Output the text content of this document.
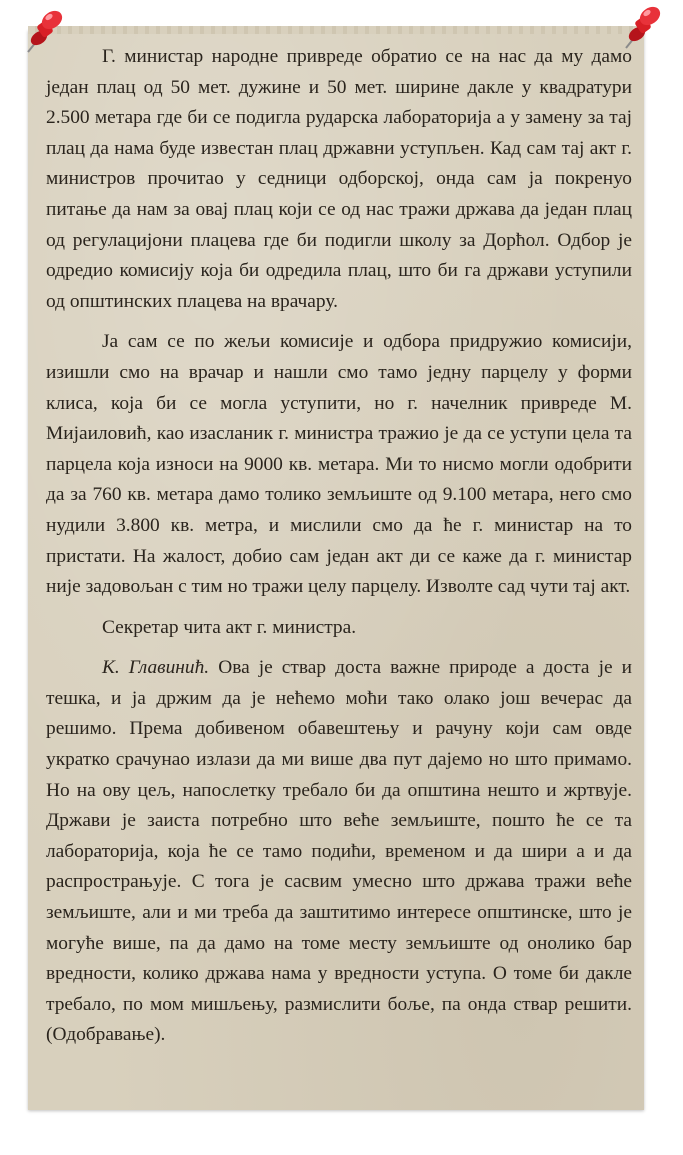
Г. министар народне привреде обратио се на нас да му дамо један плац од 50 мет. дужине и 50 мет. ширине дакле у квадратури 2.500 метара где би се подигла рударска лабораторија а у замену за тај плац да нама буде известан плац државни уступљен. Кад сам тај акт г. министров прочитао у седници одборској, онда сам ја покренуо питање да нам за овај плац који се од нас тражи држава да један плац од регулацијони плацева где би подигли школу за Дорћол. Одбор је одредио комисију која би одредила плац, што би га држави уступили од општинских плацева на врачару.

Ја сам се по жељи комисије и одбора придружио комисији, изишли смо на врачар и нашли смо тамо једну парцелу у форми клиса, која би се могла уступити, но г. начелник привреде М. Мијаиловић, као изасланик г. министра тражио је да се уступи цела та парцела која износи на 9000 кв. метара. Ми то нисмо могли одобрити да за 760 кв. метара дамо толико земљиште од 9.100 метара, него смо нудили 3.800 кв. метра, и мислили смо да ће г. министар на то пристати. На жалост, добио сам један акт ди се каже да г. министар није задовољан с тим но тражи целу парцелу. Изволте сад чути тај акт.

Секретар чита акт г. министра.

К. Главинић. Ова је ствар доста важне природе а доста је и тешка, и ја држим да је нећемо моћи тако олако још вечерас да решимо. Према добивеном обавештењу и рачуну који сам овде укратко срачунао излази да ми више два пут дајемо но што примамо. Но на ову цељ, напослетку требало би да општина нешто и жртвује. Држави је заиста потребно што веће земљиште, пошто ће се та лабораторија, која ће се тамо подићи, временом и да шири а и да распрострањује. С тога је сасвим умесно што држава тражи веће земљиште, али и ми треба да заштитимо интересе општинске, што је могуће више, па да дамо на томе месту земљиште од онолико бар вредности, колико држава нама у вредности уступа. О томе би дакле требало, по мом мишљењу, размислити боље, па онда ствар решити. (Одобравање).
